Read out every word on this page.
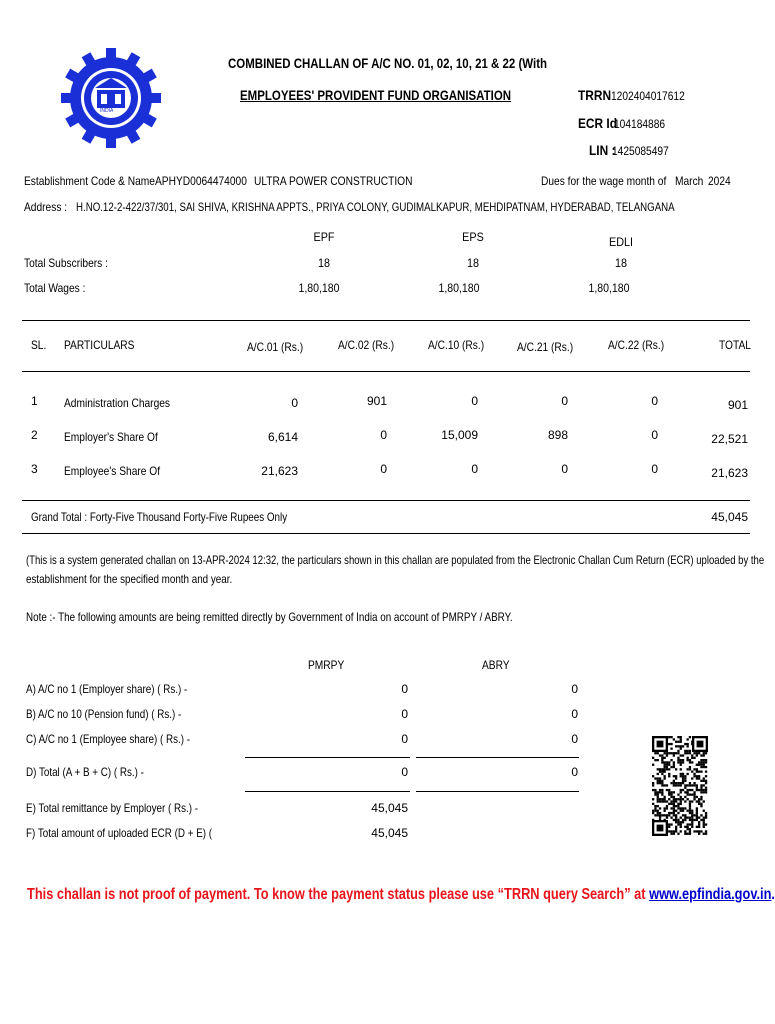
INDIA
COMBINED CHALLAN OF A/C NO. 01, 02, 10, 21 & 22 (With
EMPLOYEES' PROVIDENT FUND ORGANISATION	TRRN 1202404017612
ECR Id
104184886
LIN :
1425085497
Establishment Code & Name APHYD0064474000 ULTRA POWER CONSTRUCTION	Dues for the wage month of March 2024
Address : H.NO.12-2-422/37/301, SAI SHIVA, KRISHNA APPTS., PRIYA COLONY, GUDIMALKAPUR, MEHDIPATNAM, HYDERABAD, TELANGANA
EPF	EPS	EDLI
Total Subscribers :	18	18	18
Total Wages :	1,80,180	1,80,180	1,80,180
SL. PARTICULARS	A/C.01 (Rs.)	A/C.02 (Rs.)	A/C.10 (Rs.)	A/C.21 (Rs.)	A/C.22 (Rs.)	TOTAL
1 Administration Charges	0	901	0	0	0	901
2 Employer's Share Of	6,614	0	15,009	898	0	22,521
3 Employee's Share Of	21,623	0	0	0	0	21,623
Grand Total : Forty-Five Thousand Forty-Five Rupees Only	45,045
(This is a system generated challan on 13-APR-2024 12:32, the particulars shown in this challan are populated from the Electronic Challan Cum Return (ECR) uploaded by the
establishment for the specified month and year.
Note :- The following amounts are being remitted directly by Government of India on account of PMRPY / ABRY.
PMRPY	ABRY
A) A/C no 1 (Employer share) ( Rs.) -	0	0
B) A/C no 10 (Pension fund) ( Rs.) -	0	0
C) A/C no 1 (Employee share) ( Rs.) -	0	0
D) Total (A + B + C) ( Rs.) -	0	0
E) Total remittance by Employer ( Rs.) -	45,045
F) Total amount of uploaded ECR (D + E) (	45,045
This challan is not proof of payment. To know the payment status please use “TRRN query Search” at www.epfindia.gov.in.
